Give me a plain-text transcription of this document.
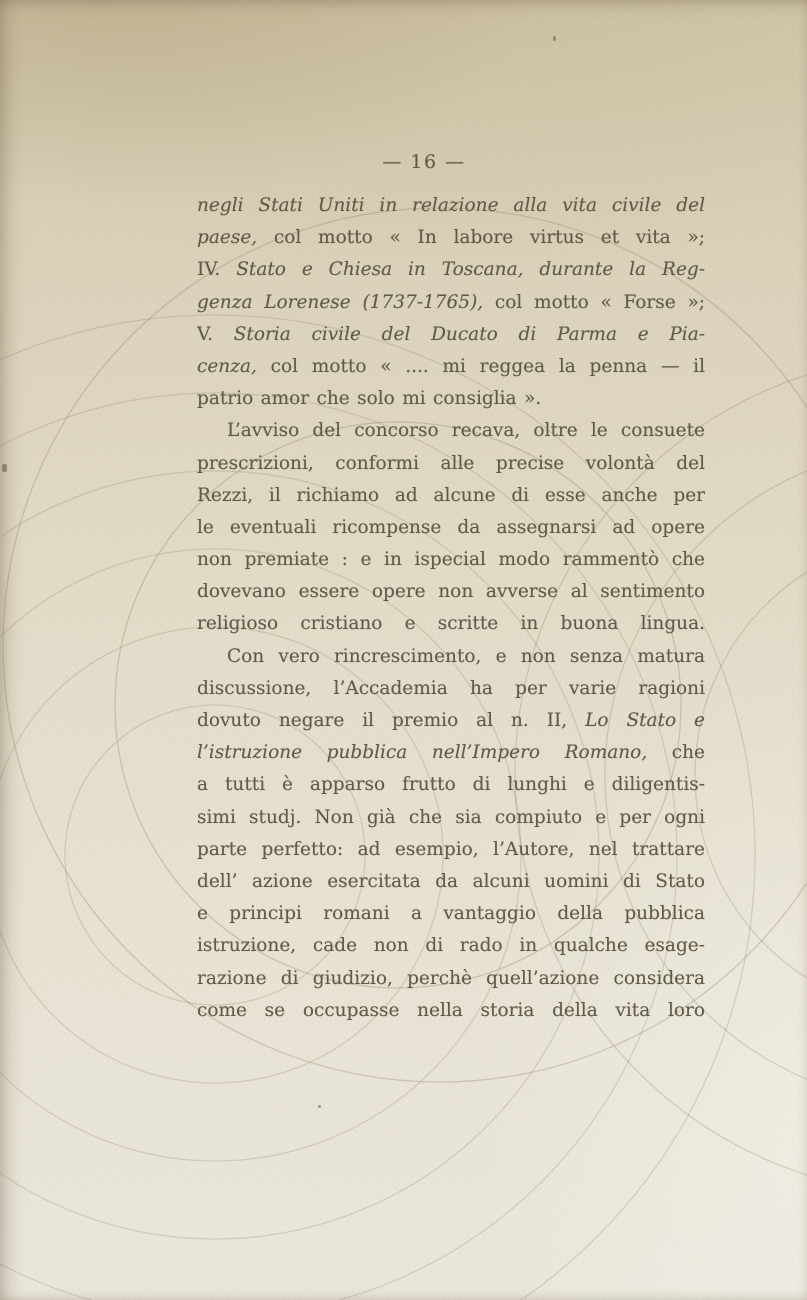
— 16 —
negli Stati Uniti in relazione alla vita civile del
paese, col motto « In labore virtus et vita »;
IV. Stato e Chiesa in Toscana, durante la Reg-
genza Lorenese (1737-1765), col motto « Forse »;
V. Storia civile del Ducato di Parma e Pia-
cenza, col motto « .... mi reggea la penna — il
patrio amor che solo mi consiglia ».
L’avviso del concorso recava, oltre le consuete
prescrizioni, conformi alle precise volontà del
Rezzi, il richiamo ad alcune di esse anche per
le eventuali ricompense da assegnarsi ad opere
non premiate : e in ispecial modo rammentò che
dovevano essere opere non avverse al sentimento
religioso cristiano e scritte in buona lingua.
Con vero rincrescimento, e non senza matura
discussione, l’Accademia ha per varie ragioni
dovuto negare il premio al n. II, Lo Stato e
l’istruzione pubblica nell’Impero Romano, che
a tutti è apparso frutto di lunghi e diligentis-
simi studj. Non già che sia compiuto e per ogni
parte perfetto: ad esempio, l’Autore, nel trattare
dell’ azione esercitata da alcuni uomini di Stato
e principi romani a vantaggio della pubblica
istruzione, cade non di rado in qualche esage-
razione di giudizio, perchè quell’azione considera
come se occupasse nella storia della vita loro
